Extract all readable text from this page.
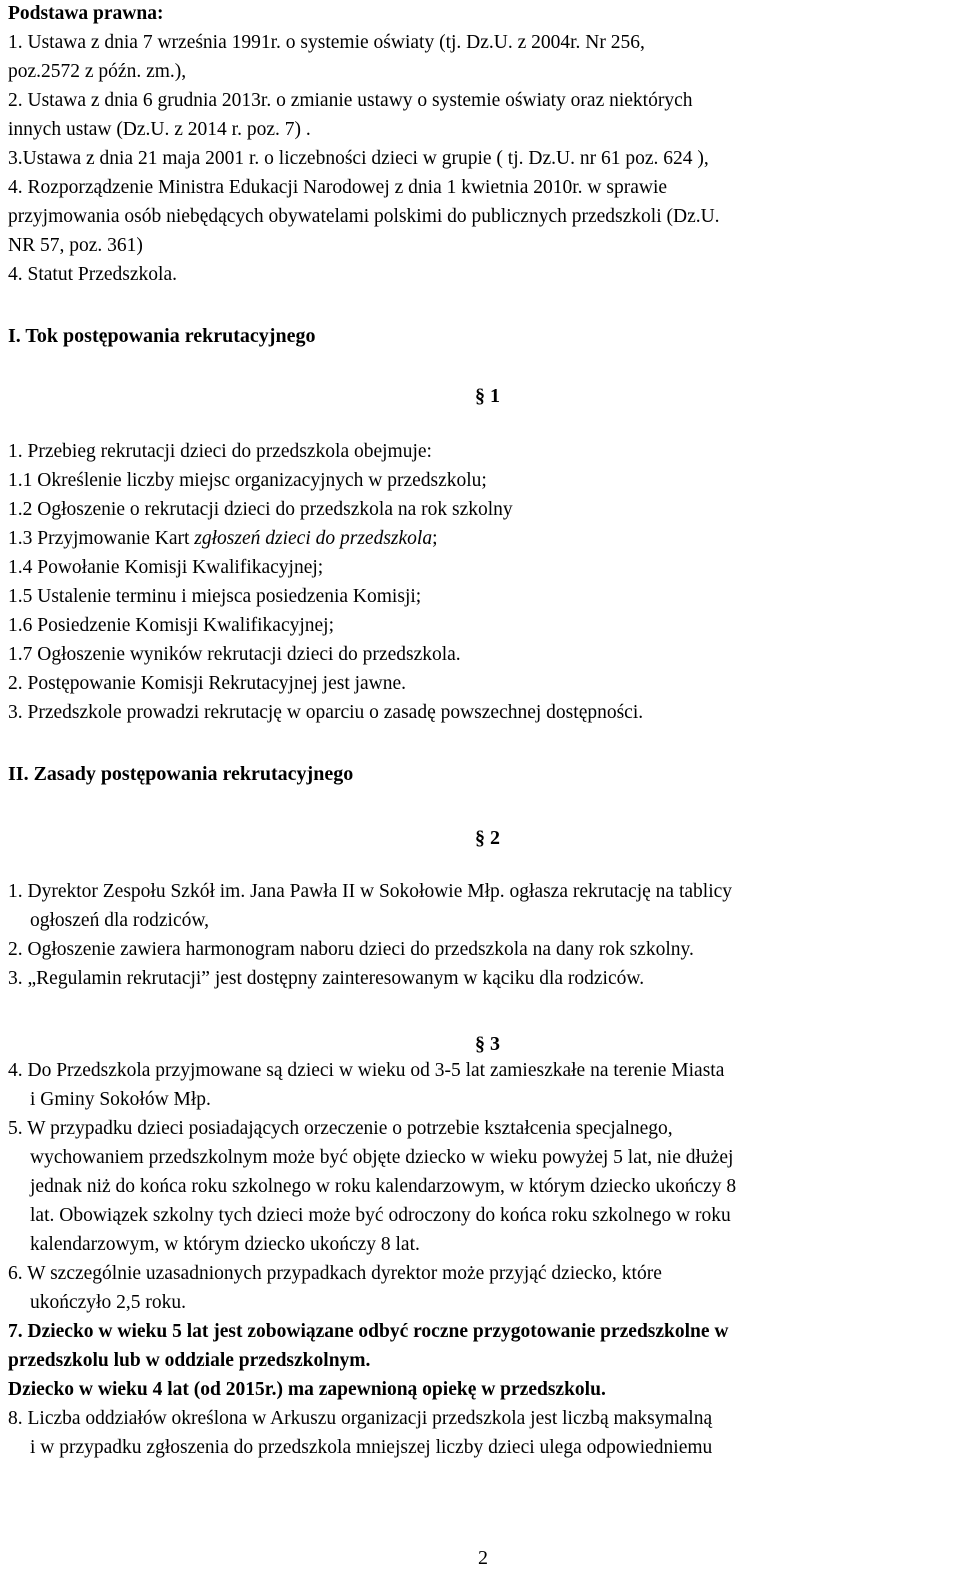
Podstawa prawna:
1. Ustawa z dnia 7 września 1991r. o systemie oświaty (tj. Dz.U. z 2004r. Nr 256,
poz.2572 z późn. zm.),
2. Ustawa z dnia 6 grudnia 2013r. o zmianie ustawy o systemie oświaty oraz niektórych
innych ustaw (Dz.U. z 2014 r. poz. 7) .
3.Ustawa z dnia 21 maja 2001 r. o liczebności dzieci w grupie ( tj. Dz.U. nr 61 poz. 624 ),
4. Rozporządzenie Ministra Edukacji Narodowej z dnia 1 kwietnia 2010r. w sprawie
przyjmowania osób niebędących obywatelami polskimi do publicznych przedszkoli (Dz.U.
NR 57, poz. 361)
4. Statut Przedszkola.
I. Tok postępowania rekrutacyjnego
§ 1
1. Przebieg rekrutacji dzieci do przedszkola obejmuje:
1.1 Określenie liczby miejsc organizacyjnych w przedszkolu;
1.2 Ogłoszenie o rekrutacji dzieci do przedszkola na rok szkolny
1.3 Przyjmowanie Kart zgłoszeń dzieci do przedszkola;
1.4 Powołanie Komisji Kwalifikacyjnej;
1.5 Ustalenie terminu i miejsca posiedzenia Komisji;
1.6 Posiedzenie Komisji Kwalifikacyjnej;
1.7 Ogłoszenie wyników rekrutacji dzieci do przedszkola.
2. Postępowanie Komisji Rekrutacyjnej jest jawne.
3. Przedszkole prowadzi rekrutację w oparciu o zasadę powszechnej dostępności.
II. Zasady postępowania rekrutacyjnego
§ 2
1. Dyrektor Zespołu Szkół im. Jana Pawła II w Sokołowie Młp. ogłasza rekrutację na tablicy
ogłoszeń dla rodziców,
2. Ogłoszenie zawiera harmonogram naboru dzieci do przedszkola na dany rok szkolny.
3. „Regulamin rekrutacji” jest dostępny zainteresowanym w kąciku dla rodziców.
§ 3
4. Do Przedszkola przyjmowane są dzieci w wieku od 3-5 lat zamieszkałe na terenie Miasta
i Gminy Sokołów Młp.
5. W przypadku dzieci posiadających orzeczenie o potrzebie kształcenia specjalnego,
wychowaniem przedszkolnym może być objęte dziecko w wieku powyżej 5 lat, nie dłużej
jednak niż do końca roku szkolnego w roku kalendarzowym, w którym dziecko ukończy 8
lat. Obowiązek szkolny tych dzieci może być odroczony do końca roku szkolnego w roku
kalendarzowym, w którym dziecko ukończy 8 lat.
6. W szczególnie uzasadnionych przypadkach dyrektor może przyjąć dziecko, które
ukończyło 2,5 roku.
7. Dziecko w wieku 5 lat jest zobowiązane odbyć roczne przygotowanie przedszkolne w
przedszkolu lub w oddziale przedszkolnym.
Dziecko w wieku 4 lat (od 2015r.) ma zapewnioną opiekę w przedszkolu.
8. Liczba oddziałów określona w Arkuszu organizacji przedszkola jest liczbą maksymalną
i w przypadku zgłoszenia do przedszkola mniejszej liczby dzieci ulega odpowiedniemu
2
